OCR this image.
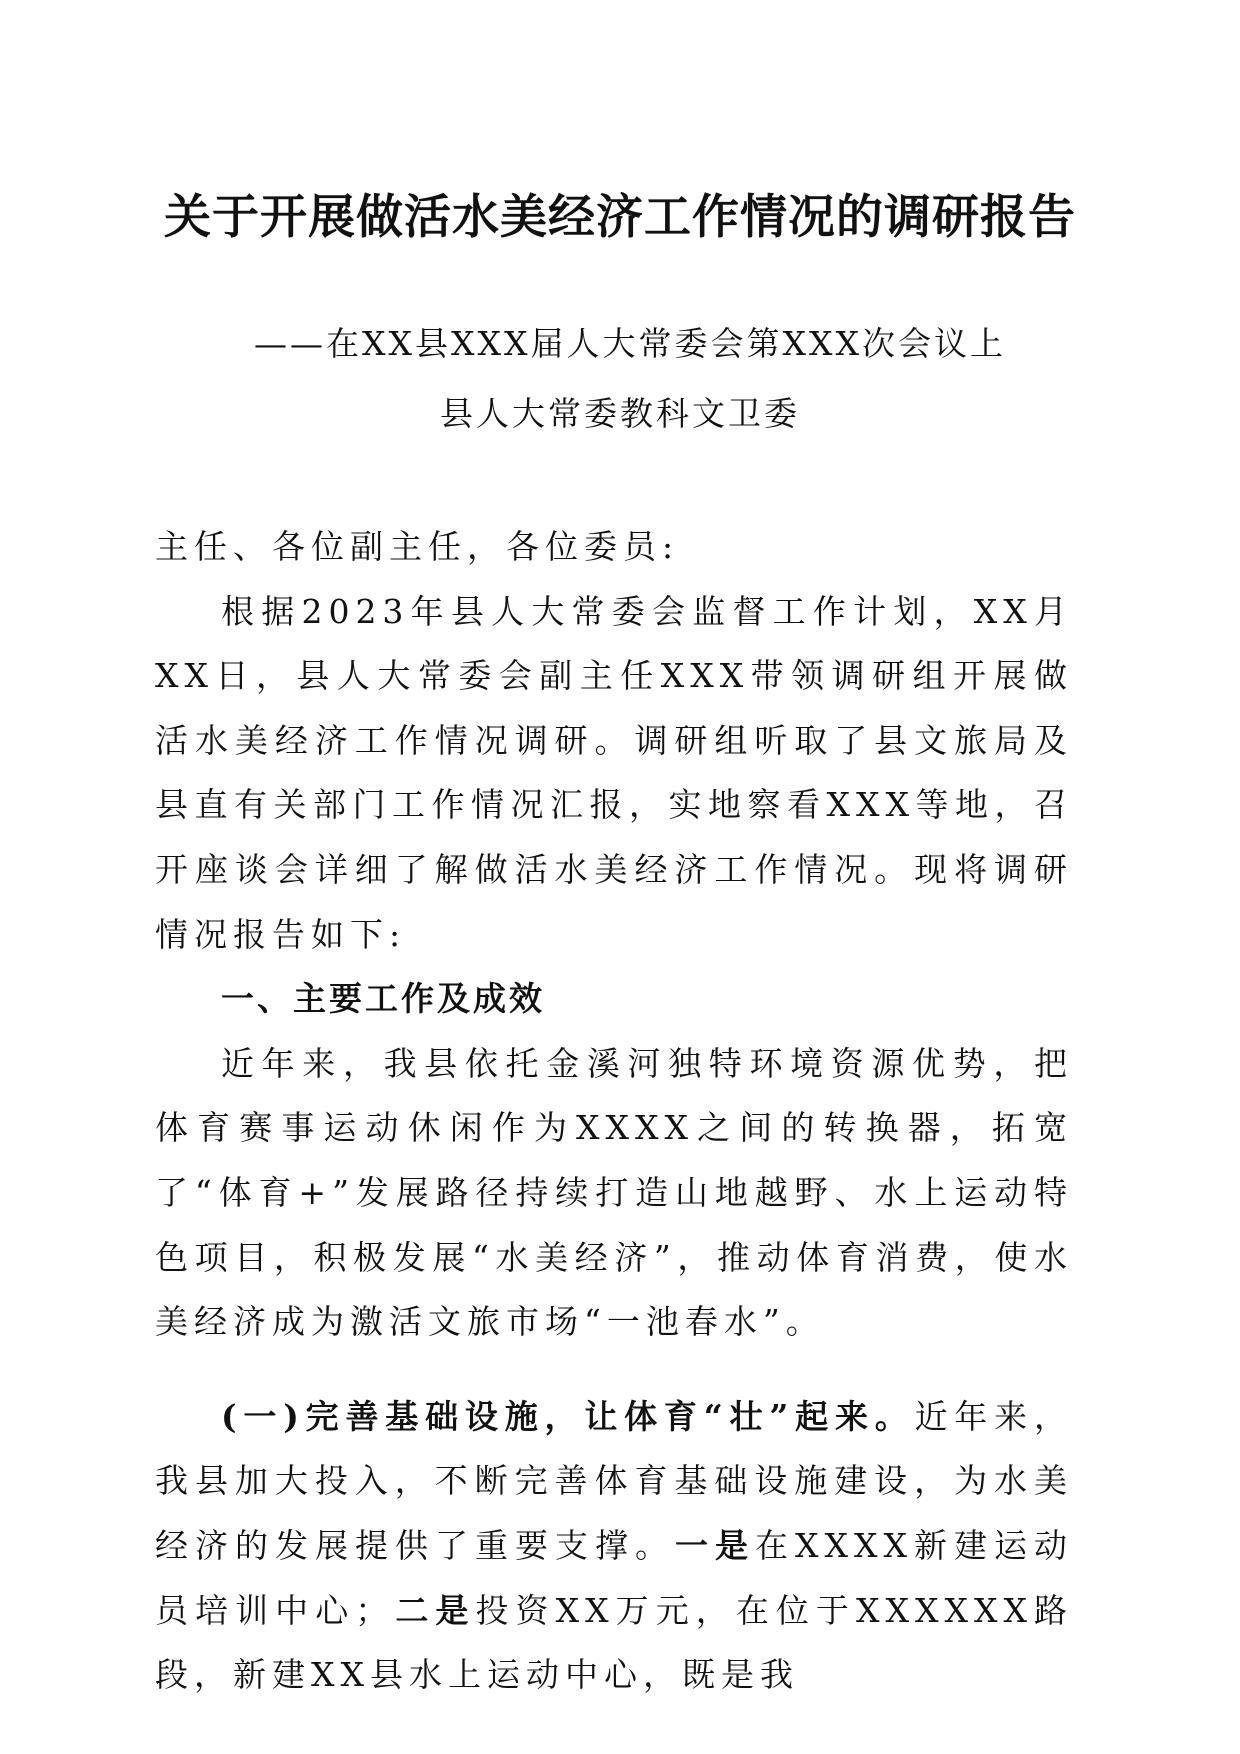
关于开展做活水美经济工作情况的调研报告

——在XX县XXX届人大常委会第XXX次会议上

县人大常委教科文卫委

主任、各位副主任，各位委员:

根据2023年县人大常委会监督工作计划，XX月XX日，县人大常委会副主任XXX带领调研组开展做活水美经济工作情况调研。调研组听取了县文旅局及县直有关部门工作情况汇报，实地察看XXX等地，召开座谈会详细了解做活水美经济工作情况。现将调研情况报告如下:

一、主要工作及成效

近年来，我县依托金溪河独特环境资源优势，把体育赛事运动休闲作为XXXX之间的转换器，拓宽了“体育+”发展路径持续打造山地越野、水上运动特色项目，积极发展“水美经济”，推动体育消费，使水美经济成为激活文旅市场“一池春水”。

(一)完善基础设施，让体育“壮”起来。近年来，我县加大投入，不断完善体育基础设施建设，为水美经济的发展提供了重要支撑。一是在XXXX新建运动员培训中心；二是投资XX万元，在位于XXXXXX路段，新建XX县水上运动中心，既是我
